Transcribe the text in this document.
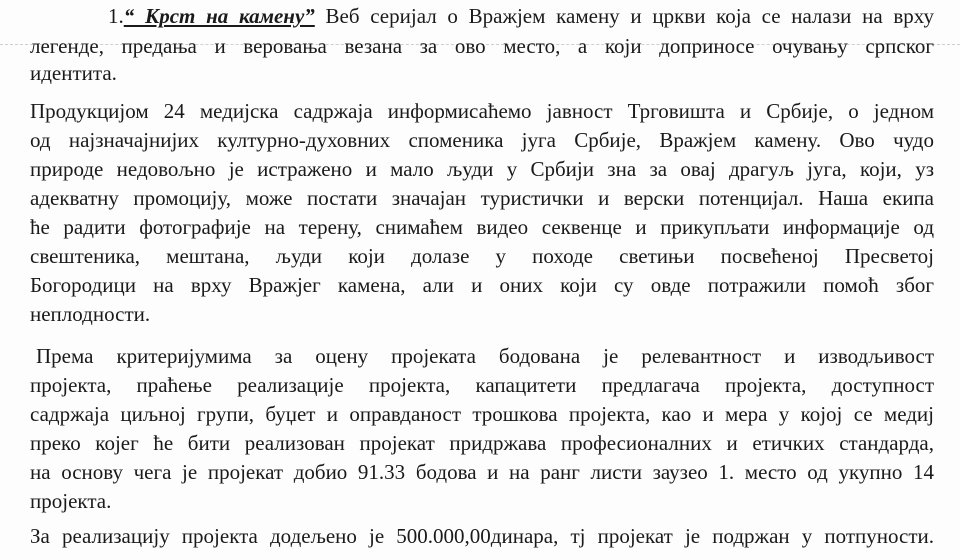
1.“ Крст на камену” Веб серијал о Вражјем камену и цркви која се налази на врху
легенде, предања и веровања везана за ово место, а који доприносе очувању српског
идентита.
Продукцијом 24 медијска садржаја информисаћемо јавност Трговишта и Србије, о једном
од најзначајнијих културно-духовних споменика југа Србије, Вражјем камену. Ово чудо
природе недовољно је истражено и мало људи у Србији зна за овај драгуљ југа, који, уз
адекватну промоцију, може постати значајан туристички и верски потенцијал. Наша екипа
ће радити фотографије на терену, снимаћем видео секвенце и прикупљати информације од
свештеника, мештана, људи који долазе у походе светињи посвећеној Пресветој
Богородици на врху Вражјег камена, али и оних који су овде потражили помоћ због
неплодности.
Према критеријумима за оцену пројеката бодована је релевантност и изводљивост
пројекта, праћење реализације пројекта, капацитети предлагача пројекта, доступност
садржаја циљној групи, буџет и оправданост трошкова пројекта, као и мера у којој се медиј
преко којег ће бити реализован пројекат придржава професионалних и етичких стандарда,
на основу чега је пројекат добио 91.33 бодова и на ранг листи заузео 1. место од укупно 14
пројекта.
За реализацију пројекта додељено је 500.000,00динара, тј пројекат је подржан у потпуности.
